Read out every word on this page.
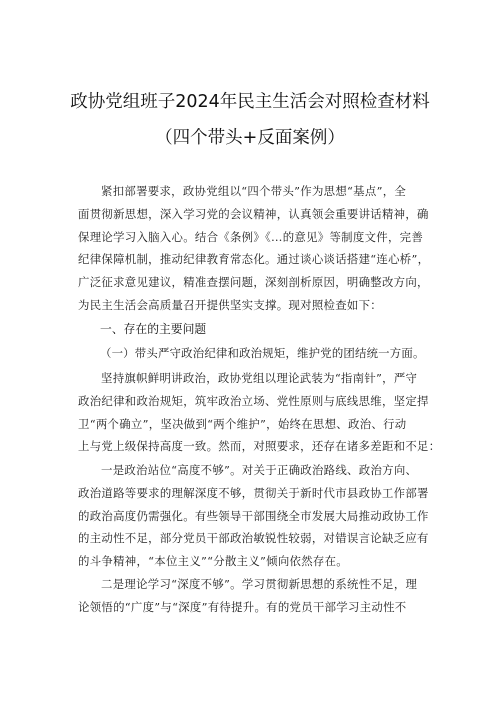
政协党组班子2024年民主生活会对照检查材料
（四个带头+反面案例）
紧扣部署要求，政协党组以“四个带头”作为思想“基点”，全
面贯彻新思想，深入学习党的会议精神，认真领会重要讲话精神，确
保理论学习入脑入心。结合《条例》《…的意见》等制度文件，完善
纪律保障机制，推动纪律教育常态化。通过谈心谈话搭建“连心桥”，
广泛征求意见建议，精准查摆问题，深刻剖析原因，明确整改方向，
为民主生活会高质量召开提供坚实支撑。现对照检查如下：
一、存在的主要问题
（一）带头严守政治纪律和政治规矩，维护党的团结统一方面。
坚持旗帜鲜明讲政治，政协党组以理论武装为“指南针”，严守
政治纪律和政治规矩，筑牢政治立场、党性原则与底线思维，坚定捍
卫“两个确立”，坚决做到“两个维护”，始终在思想、政治、行动
上与党上级保持高度一致。然而，对照要求，还存在诸多差距和不足：
一是政治站位“高度不够”。对关于正确政治路线、政治方向、
政治道路等要求的理解深度不够，贯彻关于新时代市县政协工作部署
的政治高度仍需强化。有些领导干部围绕全市发展大局推动政协工作
的主动性不足，部分党员干部政治敏锐性较弱，对错误言论缺乏应有
的斗争精神，“本位主义”“分散主义”倾向依然存在。
二是理论学习“深度不够”。学习贯彻新思想的系统性不足，理
论领悟的“广度”与“深度”有待提升。有的党员干部学习主动性不
